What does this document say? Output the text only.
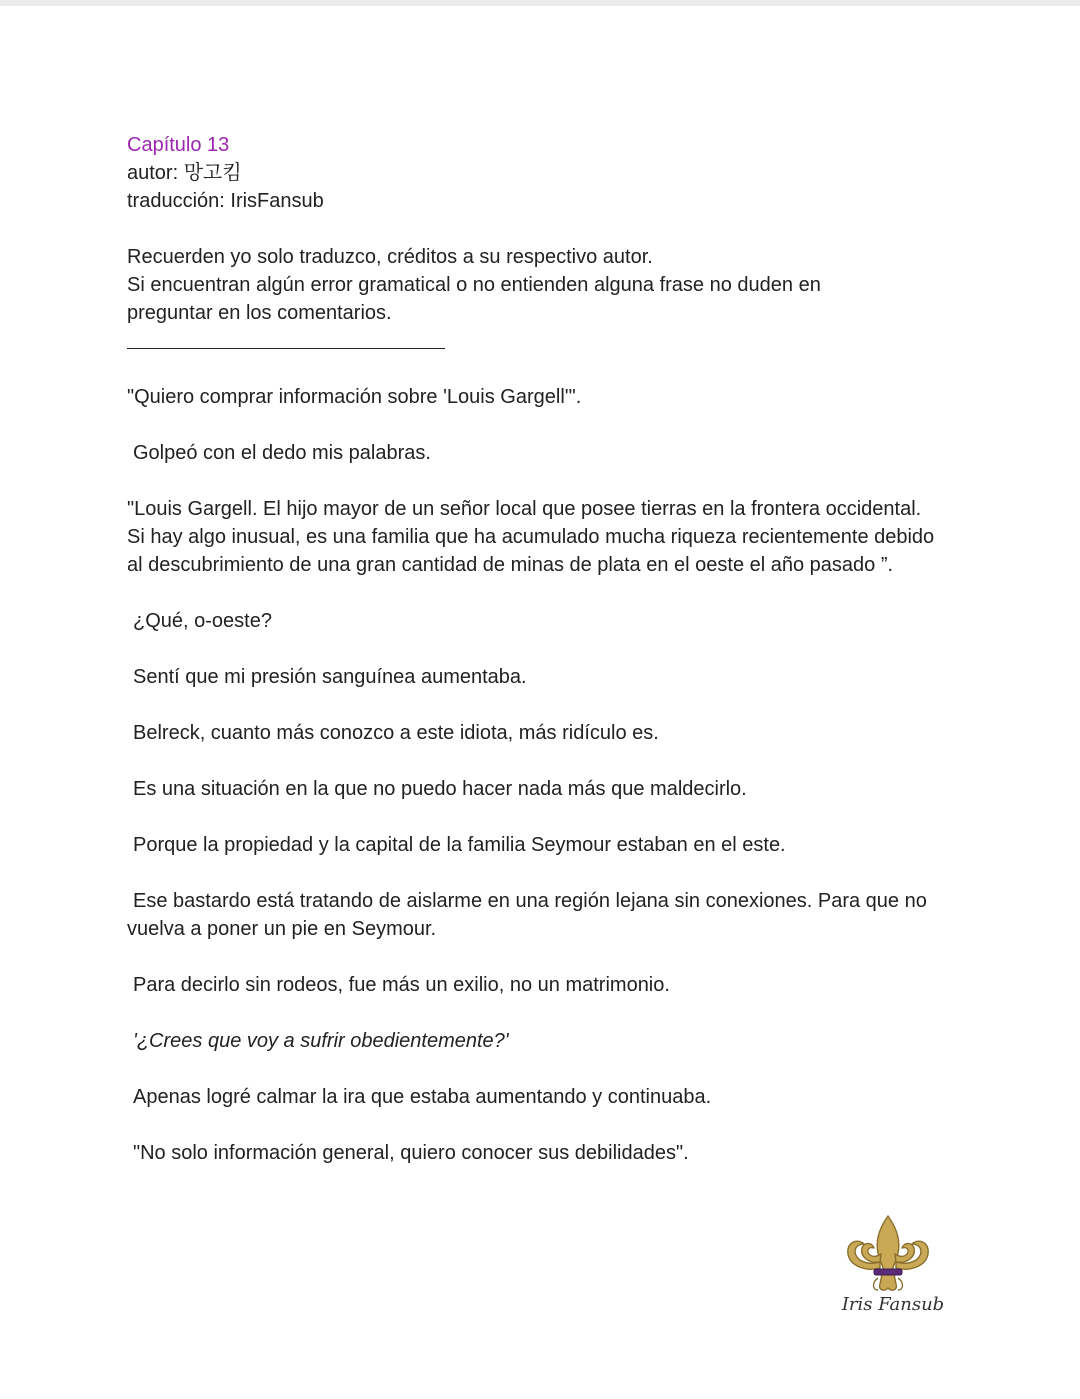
Capítulo 13

autor: 망고킴

traducción: IrisFansub

Recuerden yo solo traduzco, créditos a su respectivo autor.

Si encuentran algún error gramatical o no entienden alguna frase no duden en preguntar en los comentarios.

"Quiero comprar información sobre 'Louis Gargell'".

Golpeó con el dedo mis palabras.

"Louis Gargell. El hijo mayor de un señor local que posee tierras en la frontera occidental. Si hay algo inusual, es una familia que ha acumulado mucha riqueza recientemente debido al descubrimiento de una gran cantidad de minas de plata en el oeste el año pasado ”.

¿Qué, o-oeste?

Sentí que mi presión sanguínea aumentaba.

Belreck, cuanto más conozco a este idiota, más ridículo es.

Es una situación en la que no puedo hacer nada más que maldecirlo.

Porque la propiedad y la capital de la familia Seymour estaban en el este.

Ese bastardo está tratando de aislarme en una región lejana sin conexiones. Para que no vuelva a poner un pie en Seymour.

Para decirlo sin rodeos, fue más un exilio, no un matrimonio.

'¿Crees que voy a sufrir obedientemente?'

Apenas logré calmar la ira que estaba aumentando y continuaba.

"No solo información general, quiero conocer sus debilidades".

Iris Fansub
